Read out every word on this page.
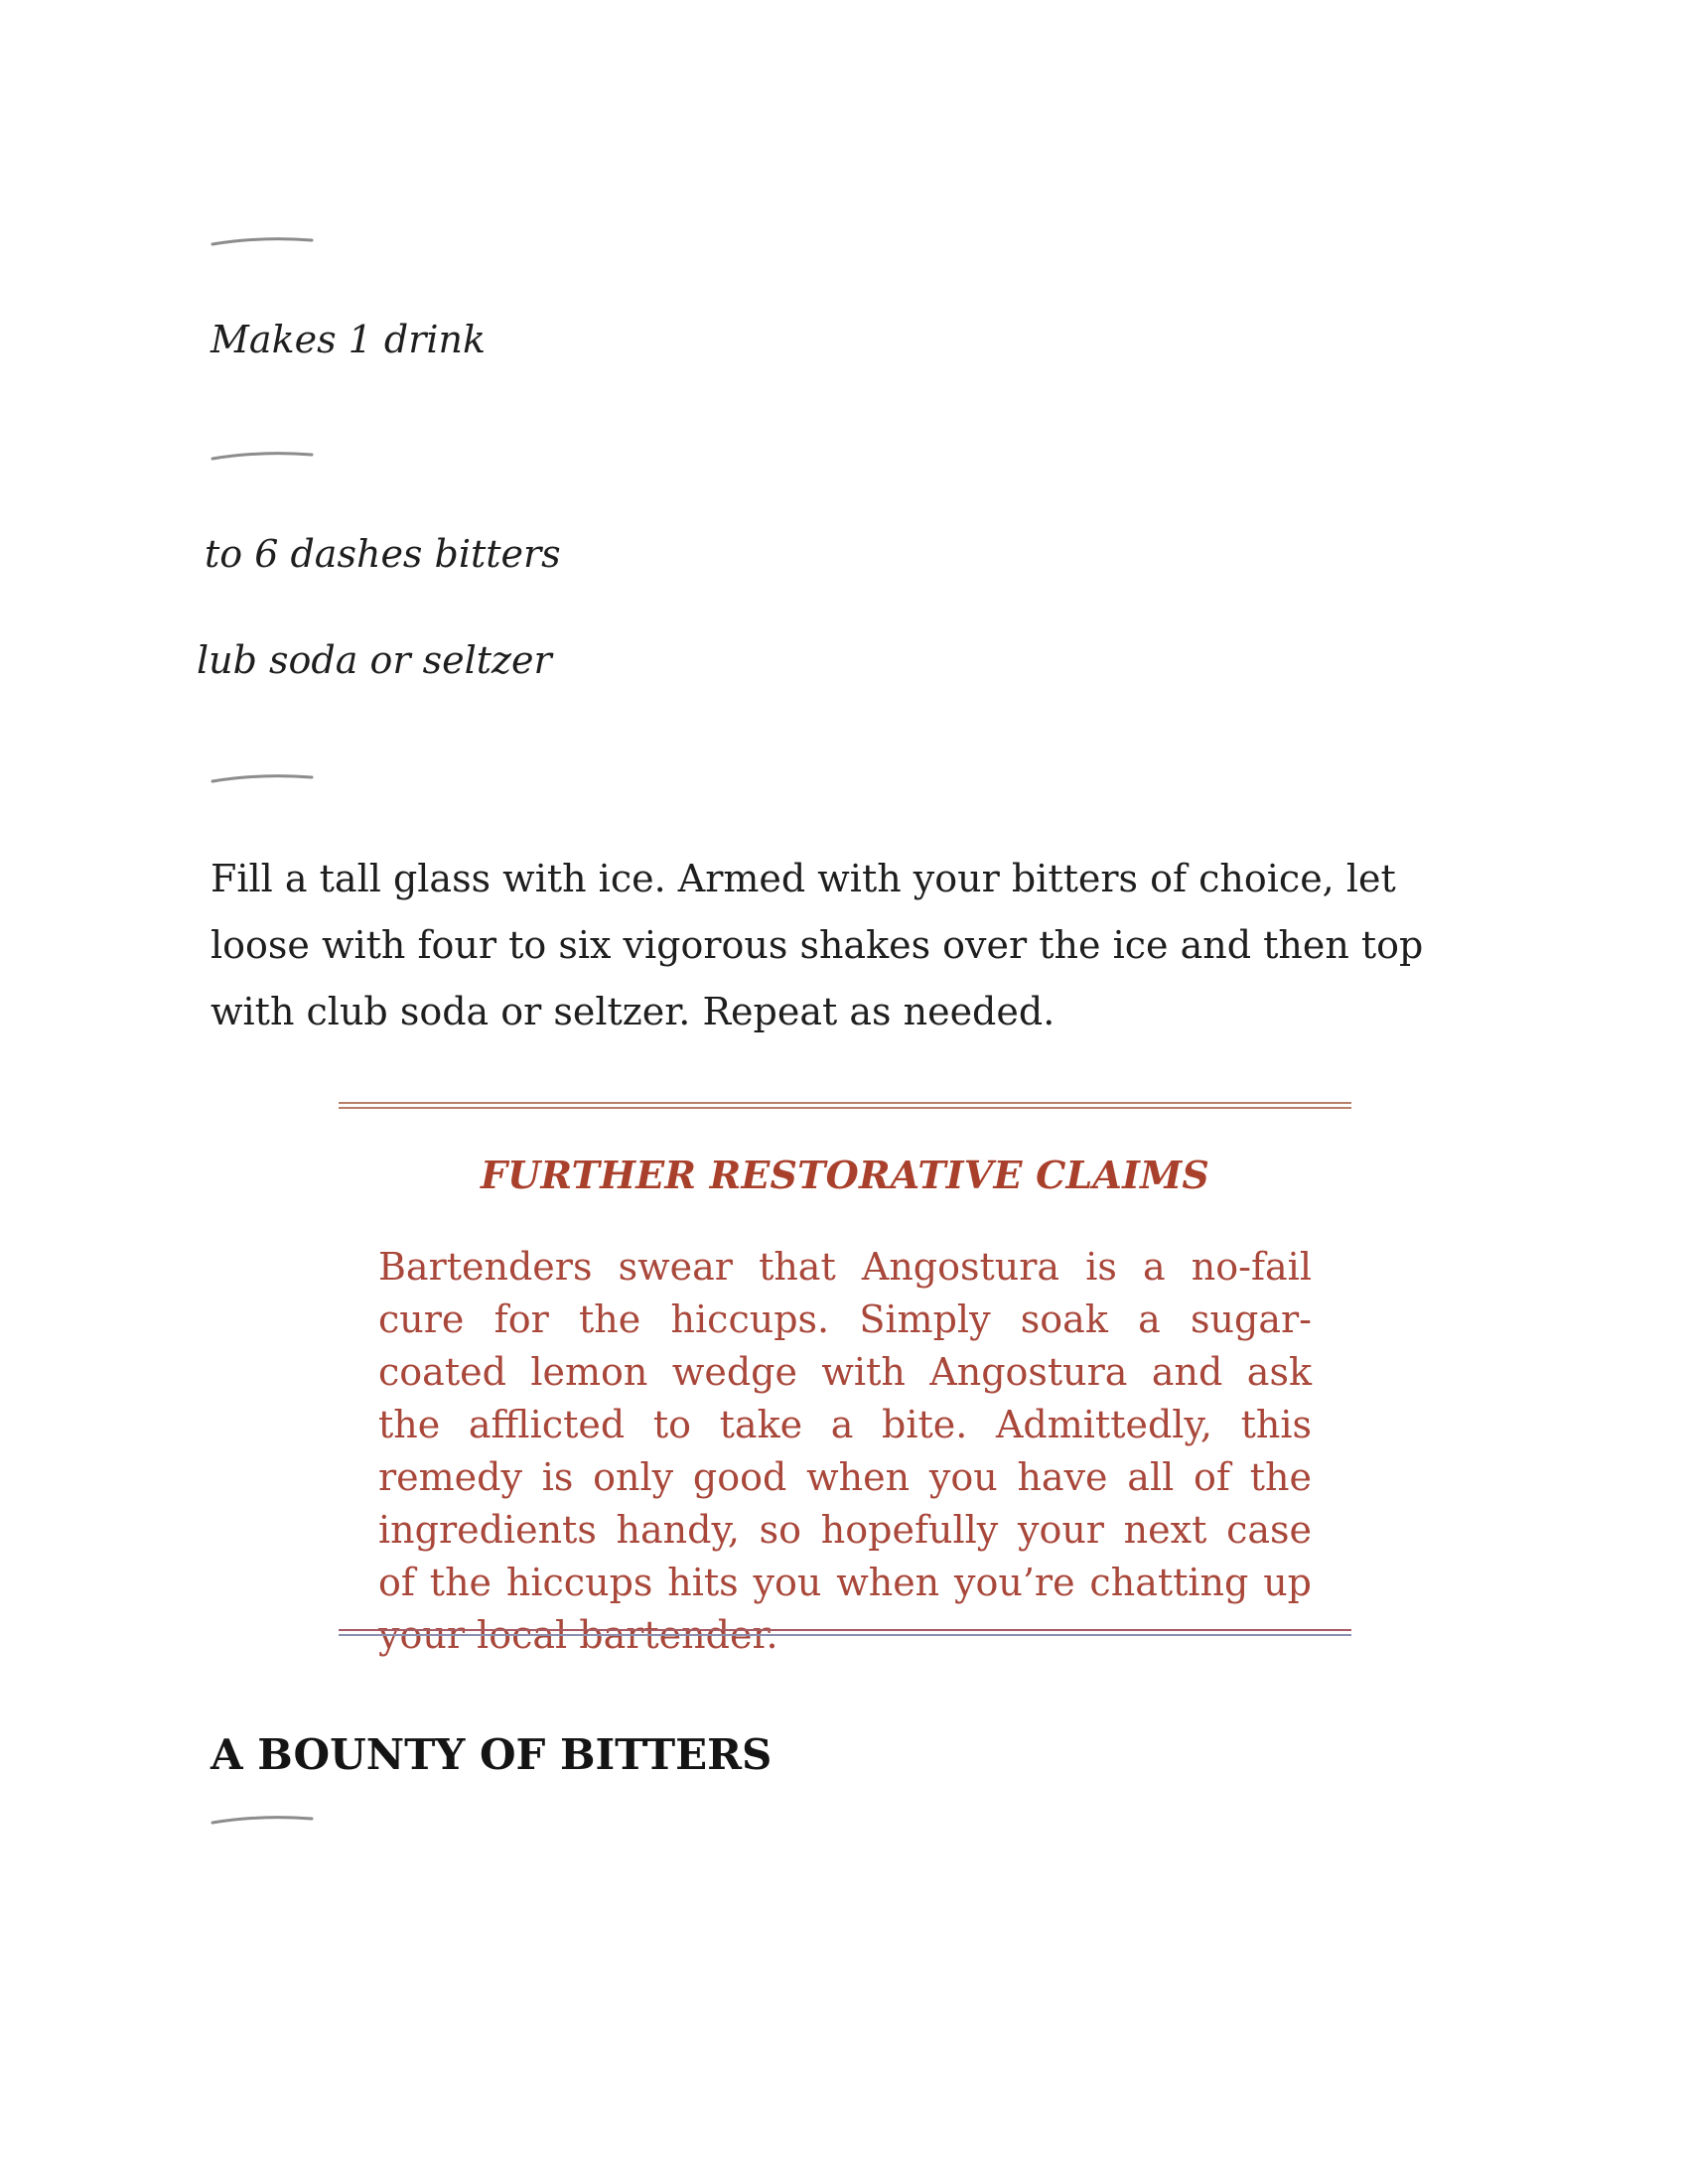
Makes 1 drink
to 6 dashes bitters
lub soda or seltzer

Fill a tall glass with ice. Armed with your bitters of choice, let loose with four to six vigorous shakes over the ice and then top with club soda or seltzer. Repeat as needed.

FURTHER RESTORATIVE CLAIMS

Bartenders swear that Angostura is a no-fail cure for the hiccups. Simply soak a sugar-coated lemon wedge with Angostura and ask the afflicted to take a bite. Admittedly, this remedy is only good when you have all of the ingredients handy, so hopefully your next case of the hiccups hits you when you’re chatting up your local bartender.

A BOUNTY OF BITTERS
